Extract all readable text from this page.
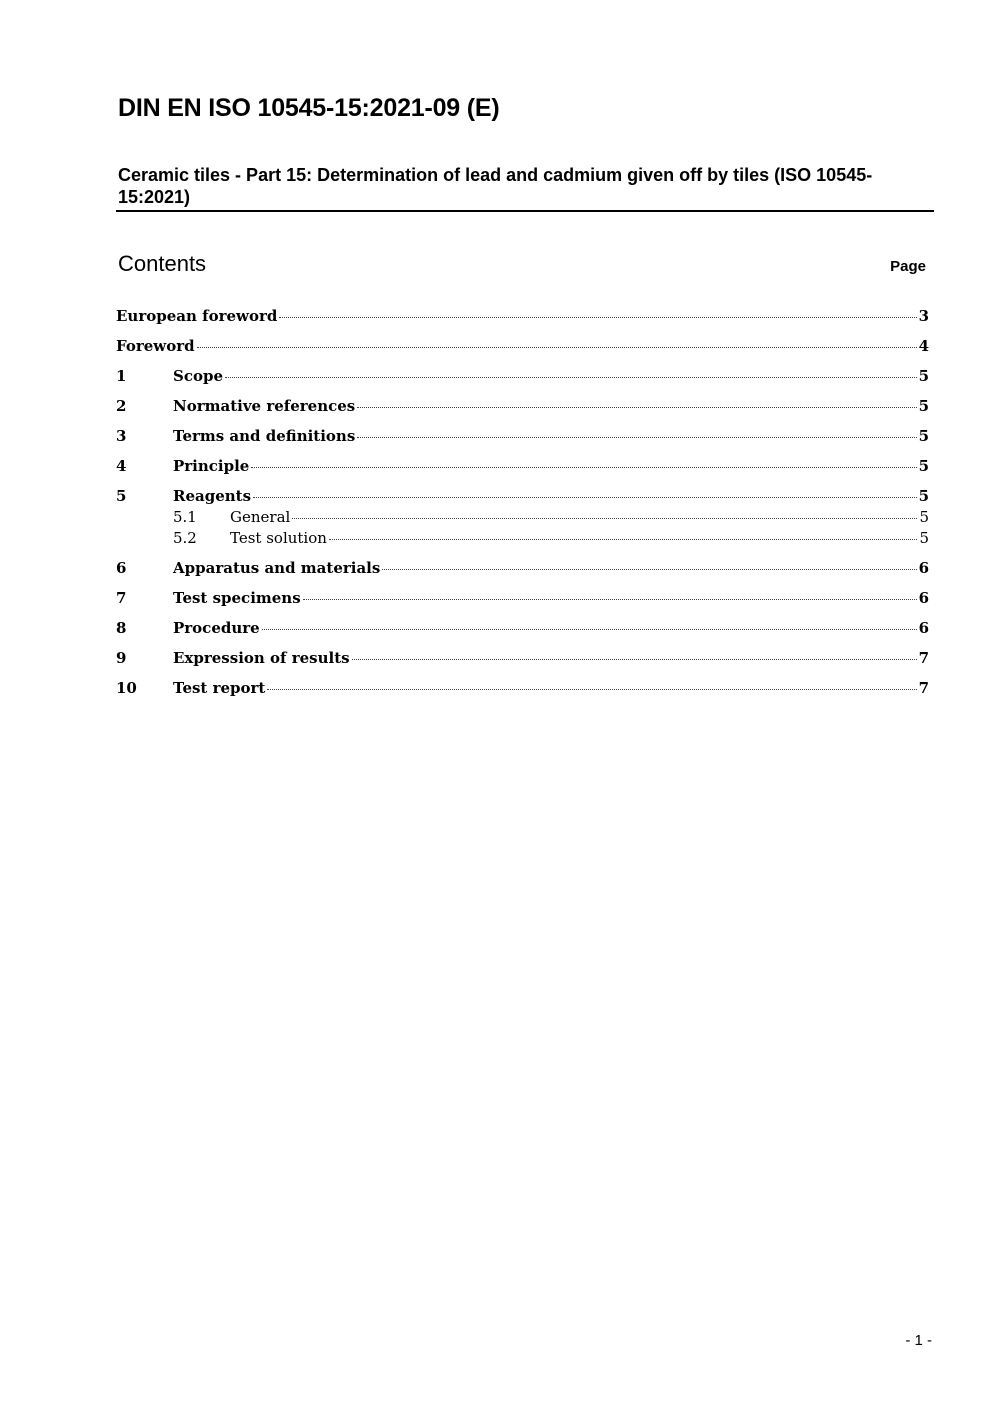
DIN EN ISO 10545-15:2021-09 (E)
Ceramic tiles - Part 15: Determination of lead and cadmium given off by tiles (ISO 10545-15:2021)
Contents	Page
European foreword	3
Foreword	4
1	Scope	5
2	Normative references	5
3	Terms and definitions	5
4	Principle	5
5	Reagents	5
5.1	General	5
5.2	Test solution	5
6	Apparatus and materials	6
7	Test specimens	6
8	Procedure	6
9	Expression of results	7
10	Test report	7
- 1 -
